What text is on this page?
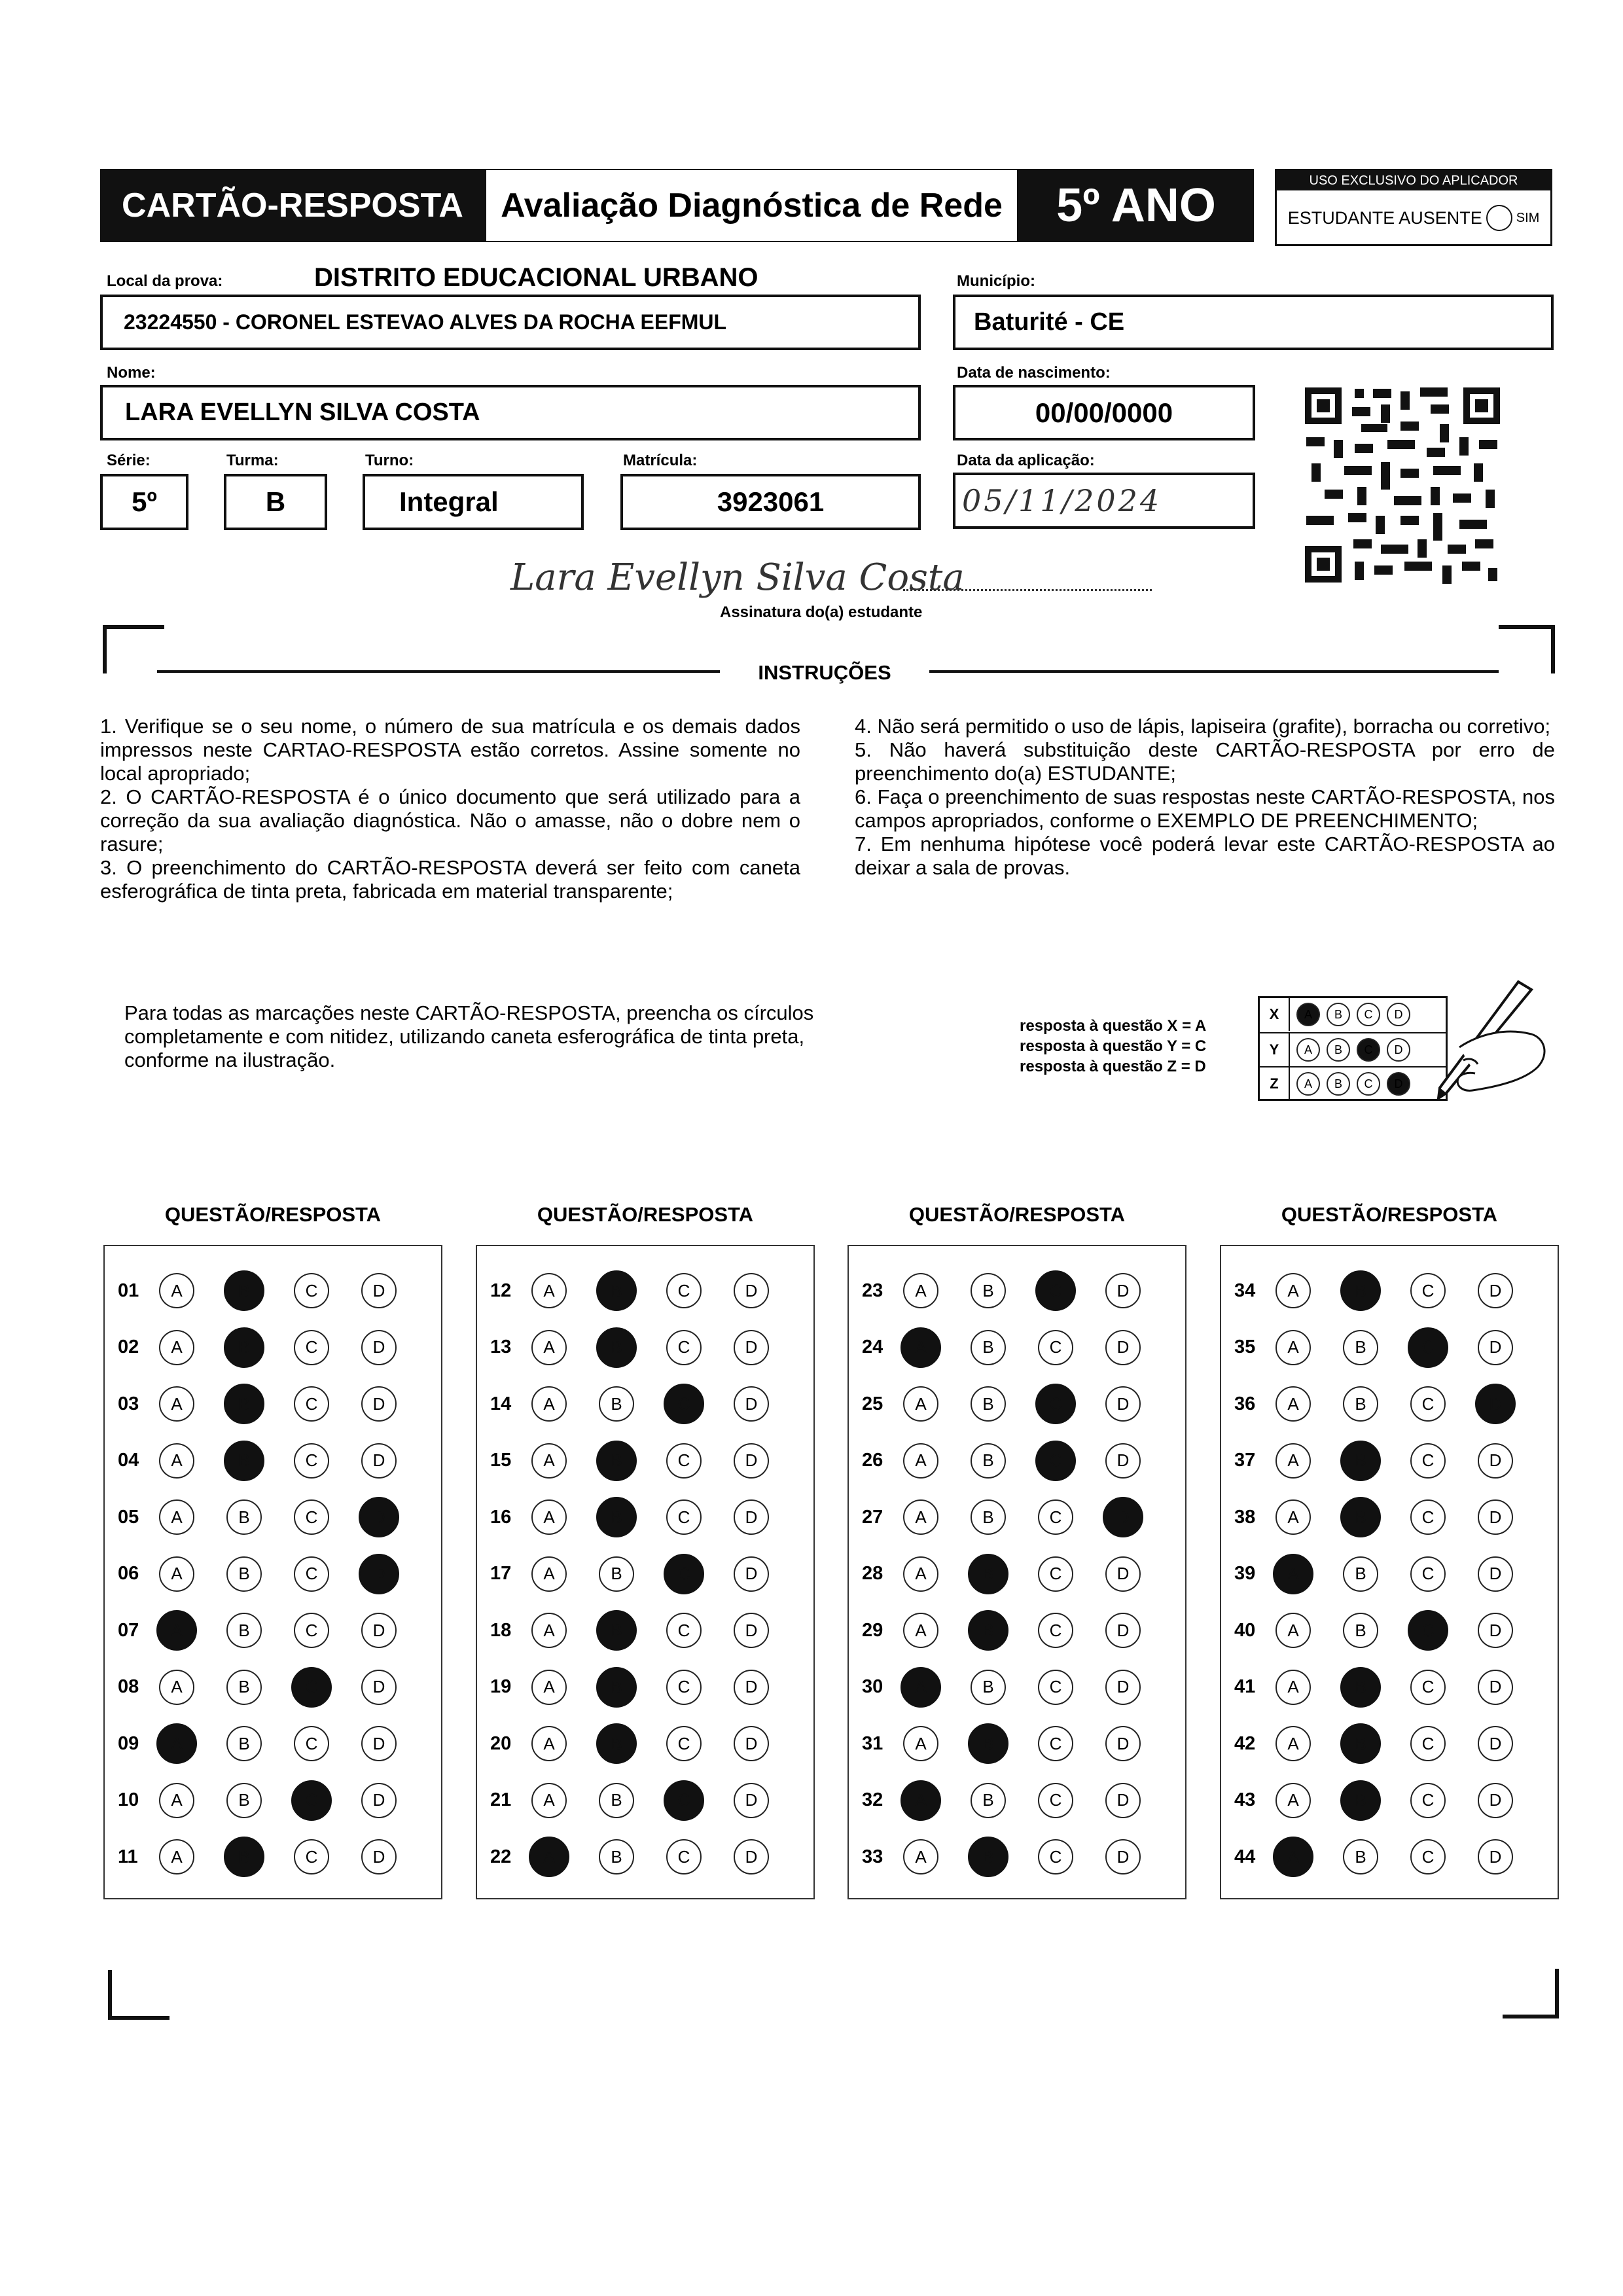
CARTÃO-RESPOSTA	Avaliação Diagnóstica de Rede	5º ANO	USO EXCLUSIVO DO APLICADOR
ESTUDANTE AUSENTE	SIM
Local da prova:	DISTRITO EDUCACIONAL URBANO
23224550 - CORONEL ESTEVAO ALVES DA ROCHA EEFMUL
Município:
Baturité - CE
Nome:
LARA EVELLYN SILVA COSTA
Data de nascimento:
00/00/0000
Série:
5º
Turma:
B
Turno:
Integral
Matrícula:
3923061
Data da aplicação:
05/11/2024
Lara Evellyn Silva Costa
Assinatura do(a) estudante
INSTRUÇÕES

1. Verifique se o seu nome, o número de sua matrícula e os demais dados impressos neste CARTAO-RESPOSTA estão corretos. Assine somente no local apropriado;

2. O CARTÃO-RESPOSTA é o único documento que será utilizado para a correção da sua avaliação diagnóstica. Não o amasse, não o dobre nem o rasure;

3. O preenchimento do CARTÃO-RESPOSTA deverá ser feito com caneta esferográfica de tinta preta, fabricada em material transparente;

4. Não será permitido o uso de lápis, lapiseira (grafite), borracha ou corretivo;

5. Não haverá substituição deste CARTÃO-RESPOSTA por erro de preenchimento do(a) ESTUDANTE;

6. Faça o preenchimento de suas respostas neste CARTÃO-RESPOSTA, nos campos apropriados, conforme o EXEMPLO DE PREENCHIMENTO;

7. Em nenhuma hipótese você poderá levar este CARTÃO-RESPOSTA ao deixar a sala de provas.

Para todas as marcações neste CARTÃO-RESPOSTA, preencha os círculos completamente e com nitidez, utilizando caneta esferográfica de tinta preta, conforme na ilustração.
resposta à questão X = A
resposta à questão Y = C
resposta à questão Z = D
X	A	B	C	D
Y	A	B	C	D
Z	A	B	C	D
QUESTÃO/RESPOSTA
01	A	B	C	D
02	A	B	C	D
03	A	B	C	D
04	A	B	C	D
05	A	B	C	D
06	A	B	C	D
07	A	B	C	D
08	A	B	C	D
09	A	B	C	D
10	A	B	C	D
11	A	B	C	D
QUESTÃO/RESPOSTA
12	A	B	C	D
13	A	B	C	D
14	A	B	C	D
15	A	B	C	D
16	A	B	C	D
17	A	B	C	D
18	A	B	C	D
19	A	B	C	D
20	A	B	C	D
21	A	B	C	D
22	A	B	C	D
QUESTÃO/RESPOSTA
23	A	B	C	D
24	A	B	C	D
25	A	B	C	D
26	A	B	C	D
27	A	B	C	D
28	A	B	C	D
29	A	B	C	D
30	A	B	C	D
31	A	B	C	D
32	A	B	C	D
33	A	B	C	D
QUESTÃO/RESPOSTA
34	A	B	C	D
35	A	B	C	D
36	A	B	C	D
37	A	B	C	D
38	A	B	C	D
39	A	B	C	D
40	A	B	C	D
41	A	B	C	D
42	A	B	C	D
43	A	B	C	D
44	A	B	C	D
